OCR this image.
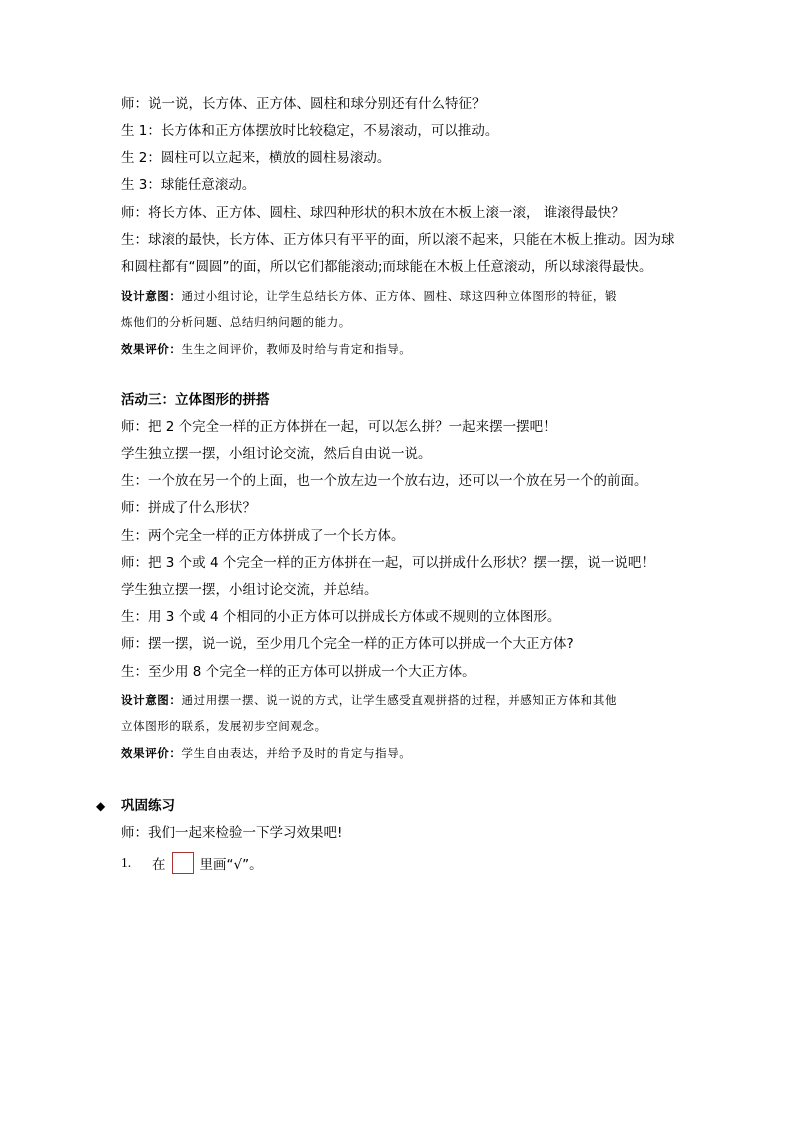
师：说一说，长方体、正方体、圆柱和球分别还有什么特征？
生 1：长方体和正方体摆放时比较稳定，不易滚动，可以推动。
生 2：圆柱可以立起来，横放的圆柱易滚动。
生 3：球能任意滚动。
师：将长方体、正方体、圆柱、球四种形状的积木放在木板上滚一滚， 谁滚得最快？
生：球滚的最快，长方体、正方体只有平平的面，所以滚不起来，只能在木板上推动。因为球
和圆柱都有“圆圆”的面，所以它们都能滚动;而球能在木板上任意滚动，所以球滚得最快。
设计意图：通过小组讨论，让学生总结长方体、正方体、圆柱、球这四种立体图形的特征，锻
炼他们的分析问题、总结归纳问题的能力。
效果评价：生生之间评价，教师及时给与肯定和指导。
活动三：立体图形的拼搭
师：把 2 个完全一样的正方体拼在一起，可以怎么拼？一起来摆一摆吧！
学生独立摆一摆，小组讨论交流，然后自由说一说。
生：一个放在另一个的上面，也一个放左边一个放右边，还可以一个放在另一个的前面。
师：拼成了什么形状？
生：两个完全一样的正方体拼成了一个长方体。
师：把 3 个或 4 个完全一样的正方体拼在一起，可以拼成什么形状？摆一摆，说一说吧！
学生独立摆一摆，小组讨论交流，并总结。
生：用 3 个或 4 个相同的小正方体可以拼成长方体或不规则的立体图形。
师：摆一摆，说一说，至少用几个完全一样的正方体可以拼成一个大正方体?
生：至少用 8 个完全一样的正方体可以拼成一个大正方体。
设计意图：通过用摆一摆、说一说的方式，让学生感受直观拼搭的过程，并感知正方体和其他
立体图形的联系，发展初步空间观念。
效果评价：学生自由表达，并给予及时的肯定与指导。
◆ 巩固练习
师：我们一起来检验一下学习效果吧!
1.	在	里画“√”。
